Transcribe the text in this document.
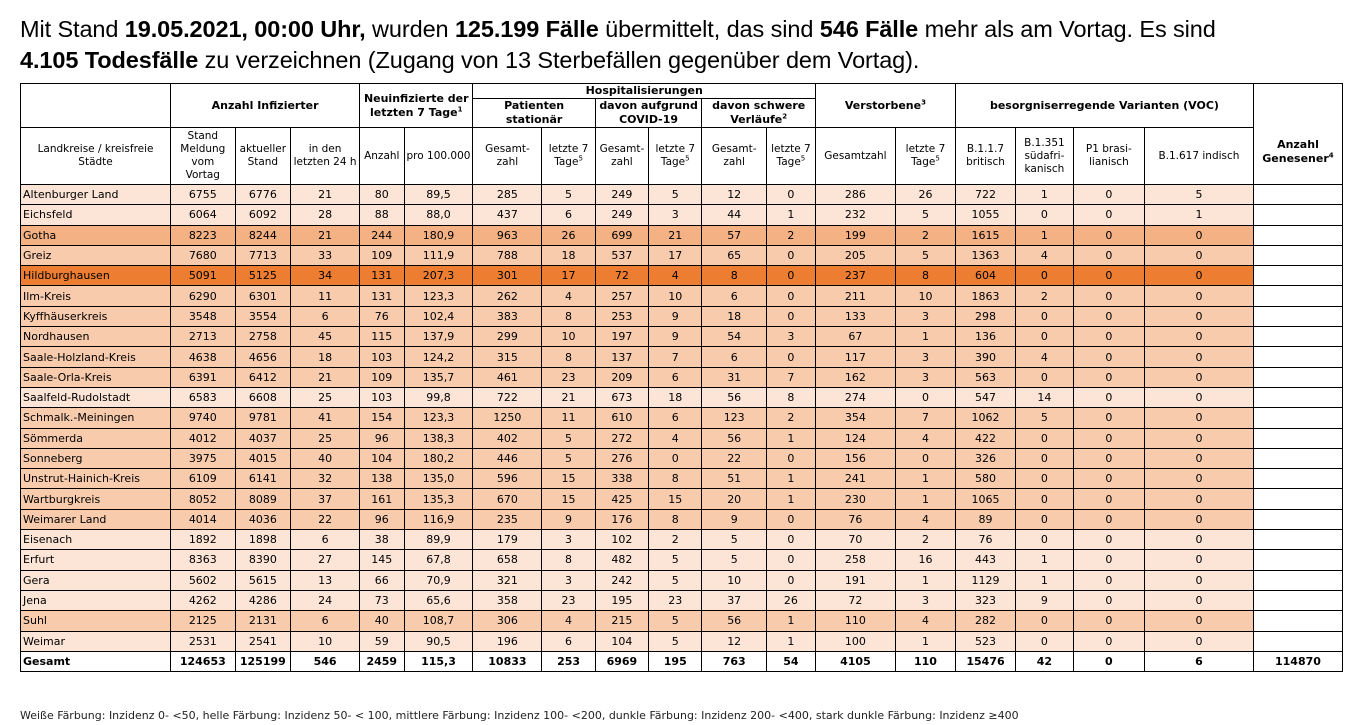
Mit Stand 19.05.2021, 00:00 Uhr, wurden 125.199 Fälle übermittelt, das sind 546 Fälle mehr als am Vortag. Es sind
4.105 Todesfälle zu verzeichnen (Zugang von 13 Sterbefällen gegenüber dem Vortag).
	Anzahl Infizierter			Neuinfizierte der letzten 7 Tage$^1$		Hospitalisierungen						Verstorbene$^3$		besorgniserregende Varianten (VOC)				Anzahl Genesener$^4$
						Patienten stationär		davon aufgrund COVID-19		davon schwere Verläufe$^2$

Landkreise / kreisfreie Städte	Stand Meldung vom Vortag	aktueller Stand	in den letzten 24 h	Anzahl	pro 100.000	Gesamt-zahl	letzte 7 Tage$^5$	Gesamt-zahl	letzte 7 Tage$^5$	Gesamt-zahl	letzte 7 Tage$^5$	Gesamtzahl	letzte 7 Tage$^5$	B.1.1.7 britisch	B.1.351 südafri-kanisch	P1 brasi-lianisch	B.1.617 indisch	
Altenburger Land	6755	6776	21	80	89,5	285	5	249	5	12	0	286	26	722	1	0	5	
Eichsfeld	6064	6092	28	88	88,0	437	6	249	3	44	1	232	5	1055	0	0	1	
Gotha	8223	8244	21	244	180,9	963	26	699	21	57	2	199	2	1615	1	0	0	
Greiz	7680	7713	33	109	111,9	788	18	537	17	65	0	205	5	1363	4	0	0	
Hildburghausen	5091	5125	34	131	207,3	301	17	72	4	8	0	237	8	604	0	0	0	
Ilm-Kreis	6290	6301	11	131	123,3	262	4	257	10	6	0	211	10	1863	2	0	0	
Kyffhäuserkreis	3548	3554	6	76	102,4	383	8	253	9	18	0	133	3	298	0	0	0	
Nordhausen	2713	2758	45	115	137,9	299	10	197	9	54	3	67	1	136	0	0	0	
Saale-Holzland-Kreis	4638	4656	18	103	124,2	315	8	137	7	6	0	117	3	390	4	0	0	
Saale-Orla-Kreis	6391	6412	21	109	135,7	461	23	209	6	31	7	162	3	563	0	0	0	
Saalfeld-Rudolstadt	6583	6608	25	103	99,8	722	21	673	18	56	8	274	0	547	14	0	0	
Schmalk.-Meiningen	9740	9781	41	154	123,3	1250	11	610	6	123	2	354	7	1062	5	0	0	
Sömmerda	4012	4037	25	96	138,3	402	5	272	4	56	1	124	4	422	0	0	0	
Sonneberg	3975	4015	40	104	180,2	446	5	276	0	22	0	156	0	326	0	0	0	
Unstrut-Hainich-Kreis	6109	6141	32	138	135,0	596	15	338	8	51	1	241	1	580	0	0	0	
Wartburgkreis	8052	8089	37	161	135,3	670	15	425	15	20	1	230	1	1065	0	0	0	
Weimarer Land	4014	4036	22	96	116,9	235	9	176	8	9	0	76	4	89	0	0	0	
Eisenach	1892	1898	6	38	89,9	179	3	102	2	5	0	70	2	76	0	0	0	
Erfurt	8363	8390	27	145	67,8	658	8	482	5	5	0	258	16	443	1	0	0	
Gera	5602	5615	13	66	70,9	321	3	242	5	10	0	191	1	1129	1	0	0	
Jena	4262	4286	24	73	65,6	358	23	195	23	37	26	72	3	323	9	0	0	
Suhl	2125	2131	6	40	108,7	306	4	215	5	56	1	110	4	282	0	0	0	
Weimar	2531	2541	10	59	90,5	196	6	104	5	12	1	100	1	523	0	0	0	
Gesamt	124653	125199	546	2459	115,3	10833	253	6969	195	763	54	4105	110	15476	42	0	6	114870
Weiße Färbung: Inzidenz 0- <50, helle Färbung: Inzidenz 50- < 100, mittlere Färbung: Inzidenz 100- <200, dunkle Färbung: Inzidenz 200- <400, stark dunkle Färbung: Inzidenz ≥400
